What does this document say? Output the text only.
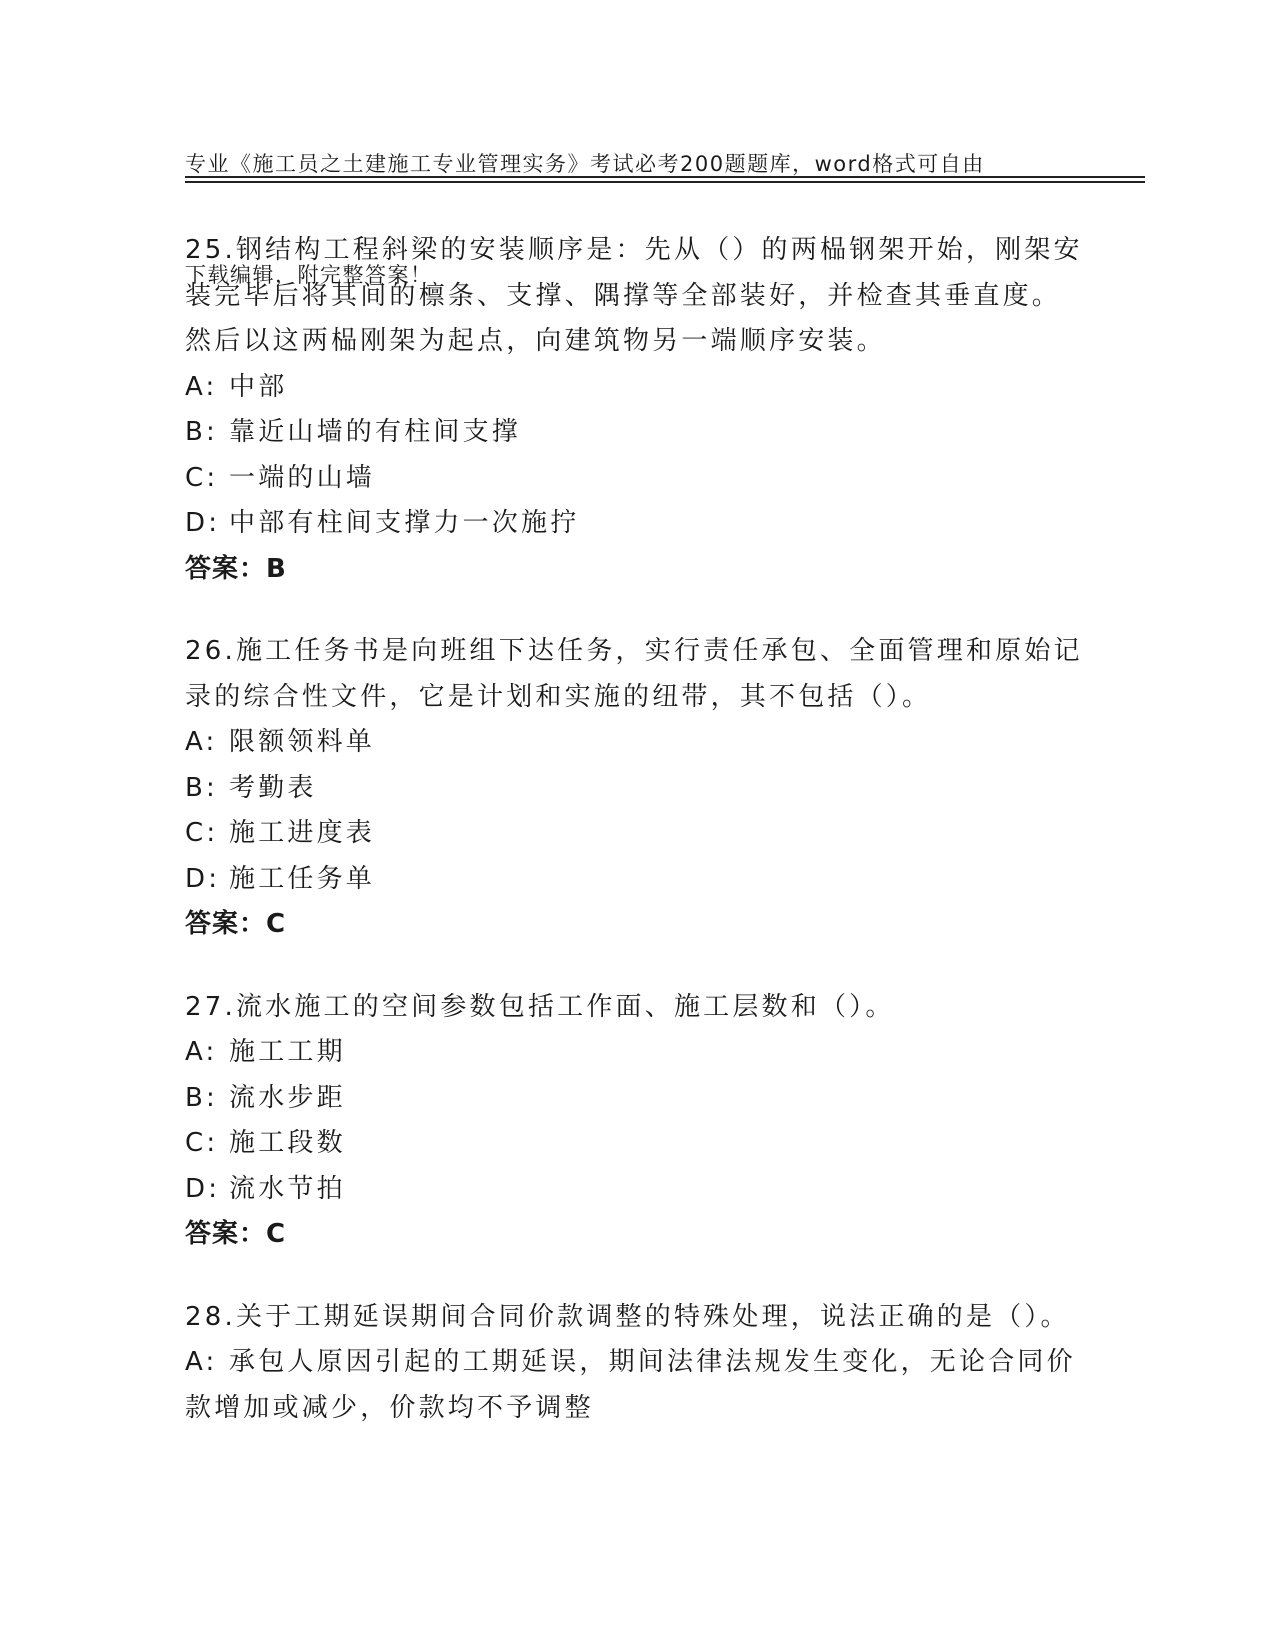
专业《施工员之土建施工专业管理实务》考试必考200题题库，word格式可自由

下载编辑，附完整答案！

25.钢结构工程斜梁的安装顺序是：先从（）的两榀钢架开始，刚架安
装完毕后将其间的檩条、支撑、隅撑等全部装好，并检查其垂直度。
然后以这两榀刚架为起点，向建筑物另一端顺序安装。
A: 中部
B: 靠近山墙的有柱间支撑
C: 一端的山墙
D: 中部有柱间支撑力一次施拧
答案：B
26.施工任务书是向班组下达任务，实行责任承包、全面管理和原始记
录的综合性文件，它是计划和实施的纽带，其不包括（）。
A: 限额领料单
B: 考勤表
C: 施工进度表
D: 施工任务单
答案：C
27.流水施工的空间参数包括工作面、施工层数和（）。
A: 施工工期
B: 流水步距
C: 施工段数
D: 流水节拍
答案：C
28.关于工期延误期间合同价款调整的特殊处理，说法正确的是（）。
A: 承包人原因引起的工期延误，期间法律法规发生变化，无论合同价
款增加或减少，价款均不予调整
